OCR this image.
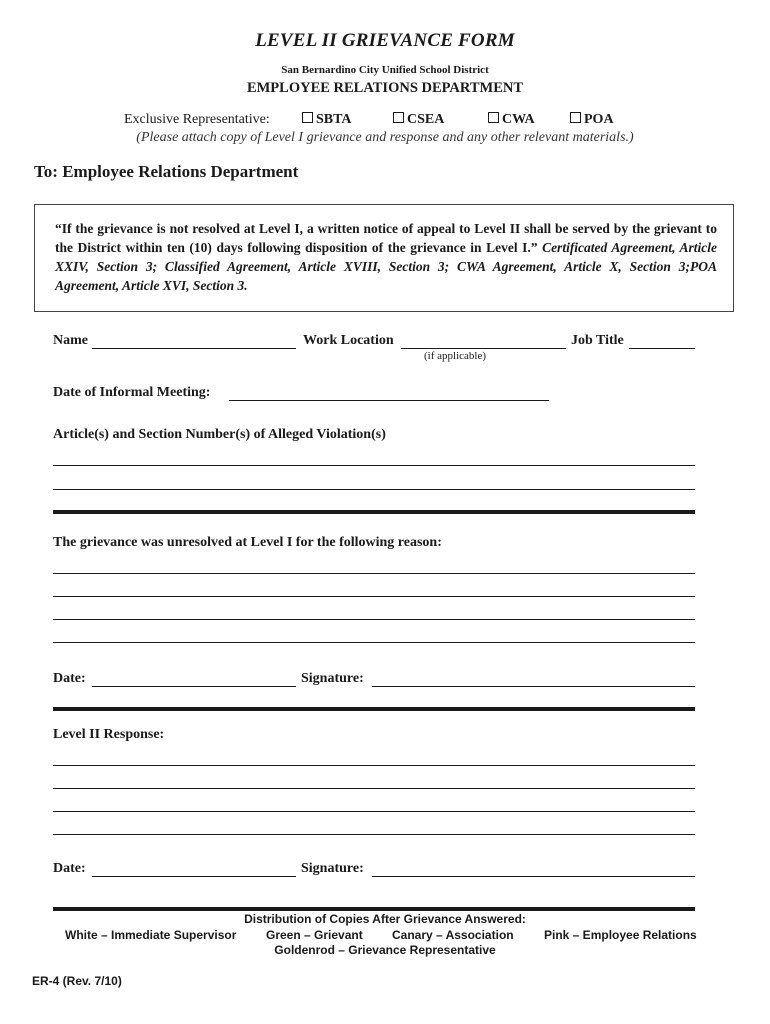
LEVEL II GRIEVANCE FORM
San Bernardino City Unified School District
EMPLOYEE RELATIONS DEPARTMENT
Exclusive Representative:	SBTA	CSEA	CWA	POA
(Please attach copy of Level I grievance and response and any other relevant materials.)
To: Employee Relations Department
“If the grievance is not resolved at Level I, a written notice of appeal to Level II shall be served by the grievant to the District within ten (10) days following disposition of the grievance in Level I.” Certificated Agreement, Article XXIV, Section 3; Classified Agreement, Article XVIII, Section 3; CWA Agreement, Article X, Section 3;POA Agreement, Article XVI, Section 3.
Name	Work Location
(if applicable)
Job Title
Date of Informal Meeting:
Article(s) and Section Number(s) of Alleged Violation(s)
The grievance was unresolved at Level I for the following reason:
Date:	Signature:
Level II Response:
Date:	Signature:
Distribution of Copies After Grievance Answered:
White – Immediate Supervisor Green – Grievant Canary – Association	Pink – Employee Relations
Goldenrod – Grievance Representative
ER-4 (Rev. 7/10)
